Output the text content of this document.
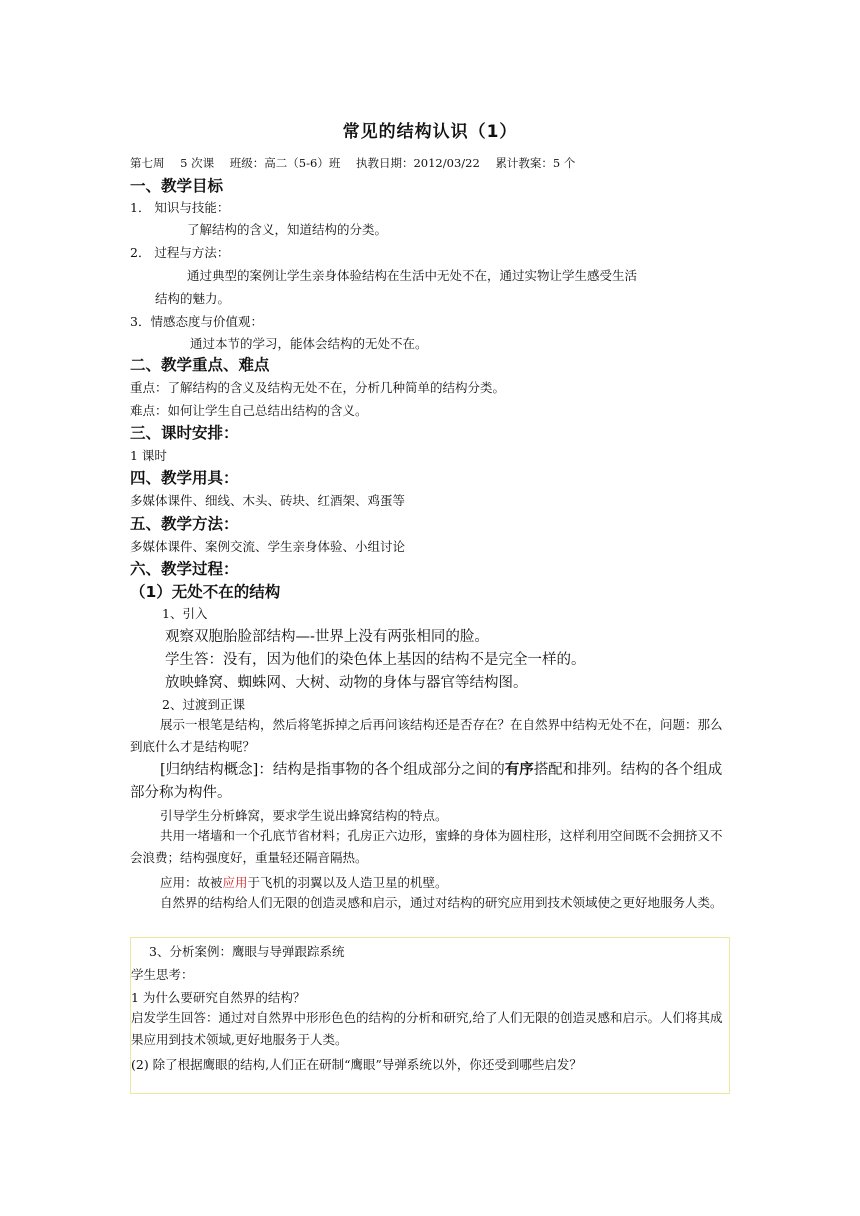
常见的结构认识（1）
第七周 5 次课 班级：高二（5-6）班 执教日期：2012/03/22 累计教案：5 个
一、教学目标
1． 知识与技能：
了解结构的含义，知道结构的分类。
2． 过程与方法：
通过典型的案例让学生亲身体验结构在生活中无处不在，通过实物让学生感受生活
结构的魅力。
3．情感态度与价值观：
通过本节的学习，能体会结构的无处不在。
二、教学重点、难点
重点：了解结构的含义及结构无处不在，分析几种简单的结构分类。
难点：如何让学生自己总结出结构的含义。
三、课时安排：
1 课时
四、教学用具：
多媒体课件、细线、木头、砖块、红酒架、鸡蛋等
五、教学方法：
多媒体课件、案例交流、学生亲身体验、小组讨论
六、教学过程：
（1）无处不在的结构
1、引入
观察双胞胎脸部结构—-世界上没有两张相同的脸。
学生答：没有，因为他们的染色体上基因的结构不是完全一样的。
放映蜂窝、蜘蛛网、大树、动物的身体与器官等结构图。
2、过渡到正课
展示一根笔是结构，然后将笔拆掉之后再问该结构还是否存在？在自然界中结构无处不在，问题：那么到底什么才是结构呢？
[归纳结构概念]：结构是指事物的各个组成部分之间的有序搭配和排列。结构的各个组成部分称为构件。
引导学生分析蜂窝，要求学生说出蜂窝结构的特点。
共用一堵墙和一个孔底节省材料；孔房正六边形，蜜蜂的身体为圆柱形，这样利用空间既不会拥挤又不会浪费；结构强度好，重量轻还隔音隔热。
应用：故被应用于飞机的羽翼以及人造卫星的机壁。
自然界的结构给人们无限的创造灵感和启示，通过对结构的研究应用到技术领域使之更好地服务人类。
3、分析案例：鹰眼与导弹跟踪系统
学生思考：
1 为什么要研究自然界的结构？
启发学生回答：通过对自然界中形形色色的结构的分析和研究,给了人们无限的创造灵感和启示。人们将其成果应用到技术领域,更好地服务于人类。
(2) 除了根据鹰眼的结构,人们正在研制“鹰眼”导弹系统以外，你还受到哪些启发？
